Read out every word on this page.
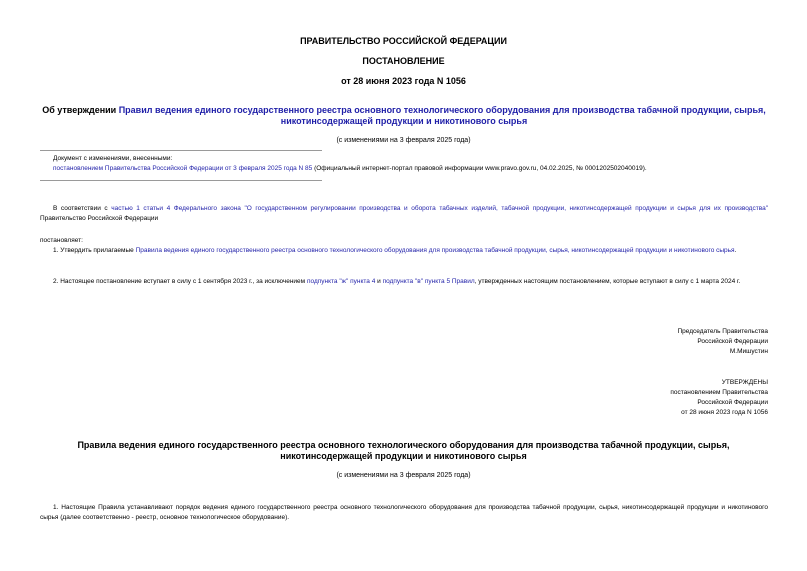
ПРАВИТЕЛЬСТВО РОССИЙСКОЙ ФЕДЕРАЦИИ

ПОСТАНОВЛЕНИЕ

от 28 июня 2023 года N 1056

Об утверждении Правил ведения единого государственного реестра основного технологического оборудования для производства табачной продукции, сырья, никотинсодержащей продукции и никотинового сырья

(с изменениями на 3 февраля 2025 года)

Документ с изменениями, внесенными:

постановлением Правительства Российской Федерации от 3 февраля 2025 года N 85 (Официальный интернет-портал правовой информации www.pravo.gov.ru, 04.02.2025, № 0001202502040019).

В соответствии с частью 1 статьи 4 Федерального закона "О государственном регулировании производства и оборота табачных изделий, табачной продукции, никотинсодержащей продукции и сырья для их производства" Правительство Российской Федерации

постановляет:

1. Утвердить прилагаемые Правила ведения единого государственного реестра основного технологического оборудования для производства табачной продукции, сырья, никотинсодержащей продукции и никотинового сырья.

2. Настоящее постановление вступает в силу с 1 сентября 2023 г., за исключением подпункта "ж" пункта 4 и подпункта "в" пункта 5 Правил, утвержденных настоящим постановлением, которые вступают в силу с 1 марта 2024 г.

Председатель Правительства
Российской Федерации
М.Мишустин
УТВЕРЖДЕНЫ
постановлением Правительства
Российской Федерации
от 28 июня 2023 года N 1056
Правила ведения единого государственного реестра основного технологического оборудования для производства табачной продукции, сырья,
никотинсодержащей продукции и никотинового сырья

(с изменениями на 3 февраля 2025 года)

1. Настоящие Правила устанавливают порядок ведения единого государственного реестра основного технологического оборудования для производства табачной продукции, сырья, никотинсодержащей продукции и никотинового сырья (далее соответственно - реестр, основное технологическое оборудование).
